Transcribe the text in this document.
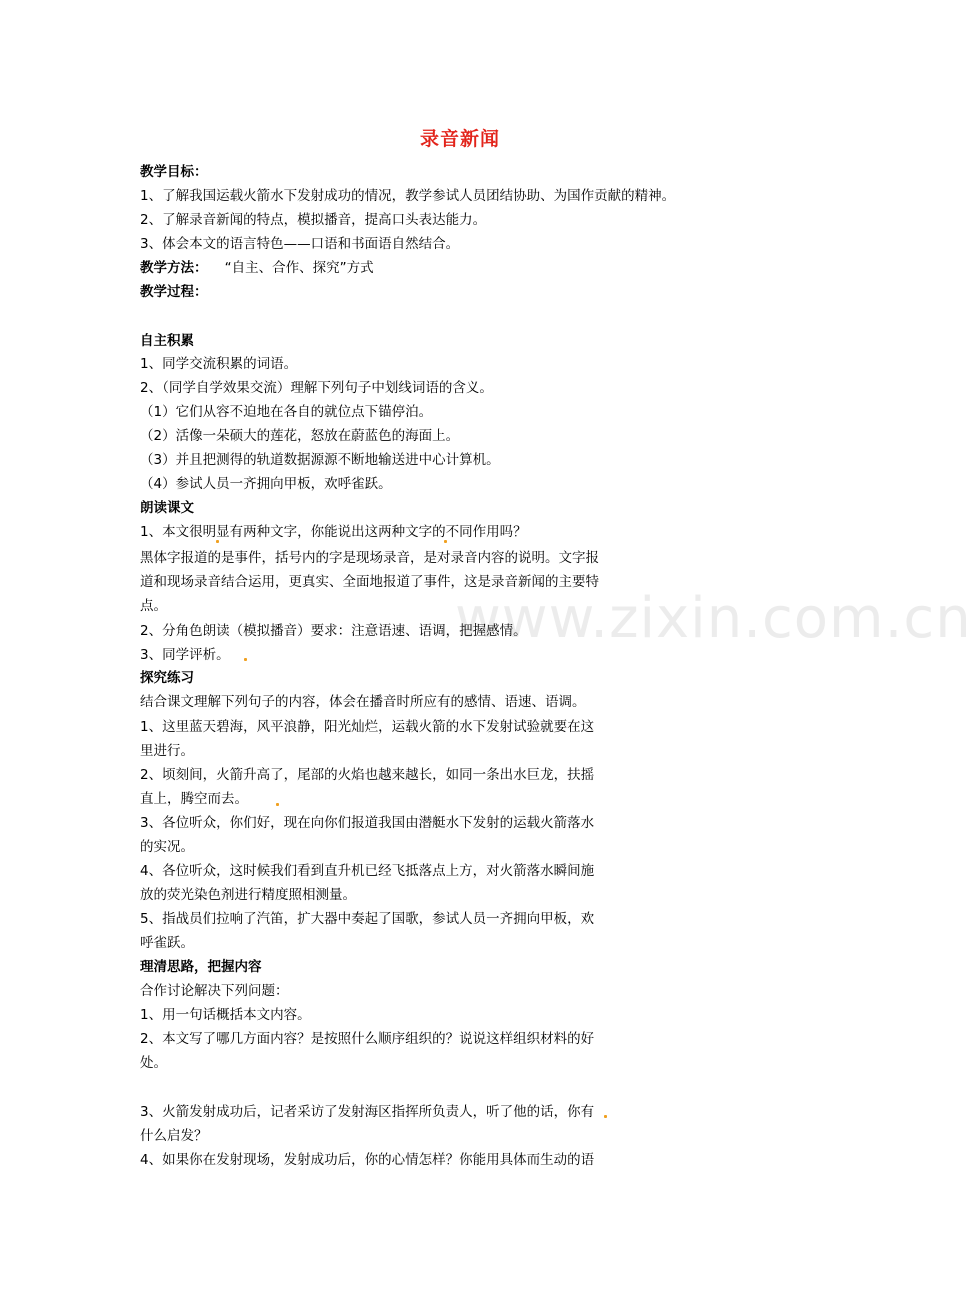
录音新闻
www.zixin.com.cn
教学目标：
1、了解我国运载火箭水下发射成功的情况，教学参试人员团结协助、为国作贡献的精神。
2、了解录音新闻的特点，模拟播音，提高口头表达能力。
3、体会本文的语言特色——口语和书面语自然结合。
教学方法：    “自主、合作、探究”方式
教学过程：
自主积累
1、同学交流积累的词语。
2、（同学自学效果交流）理解下列句子中划线词语的含义。
（1）它们从容不迫地在各自的就位点下锚停泊。
（2）活像一朵硕大的莲花，怒放在蔚蓝色的海面上。
（3）并且把测得的轨道数据源源不断地输送进中心计算机。
（4）参试人员一齐拥向甲板，欢呼雀跃。
朗读课文
1、本文很明显有两种文字，你能说出这两种文字的不同作用吗？
黑体字报道的是事件，括号内的字是现场录音，是对录音内容的说明。文字报
道和现场录音结合运用，更真实、全面地报道了事件，这是录音新闻的主要特
点。
2、分角色朗读（模拟播音）要求：注意语速、语调，把握感情。
3、同学评析。
探究练习
结合课文理解下列句子的内容，体会在播音时所应有的感情、语速、语调。
1、这里蓝天碧海，风平浪静，阳光灿烂，运载火箭的水下发射试验就要在这
里进行。
2、顷刻间，火箭升高了，尾部的火焰也越来越长，如同一条出水巨龙，扶摇
直上，腾空而去。
3、各位听众，你们好，现在向你们报道我国由潜艇水下发射的运载火箭落水
的实况。
4、各位听众，这时候我们看到直升机已经飞抵落点上方，对火箭落水瞬间施
放的荧光染色剂进行精度照相测量。
5、指战员们拉响了汽笛，扩大器中奏起了国歌，参试人员一齐拥向甲板，欢
呼雀跃。
理清思路，把握内容
合作讨论解决下列问题：
1、用一句话概括本文内容。
2、本文写了哪几方面内容？是按照什么顺序组织的？说说这样组织材料的好
处。
3、火箭发射成功后，记者采访了发射海区指挥所负责人，听了他的话，你有
什么启发？
4、如果你在发射现场，发射成功后，你的心情怎样？你能用具体而生动的语
